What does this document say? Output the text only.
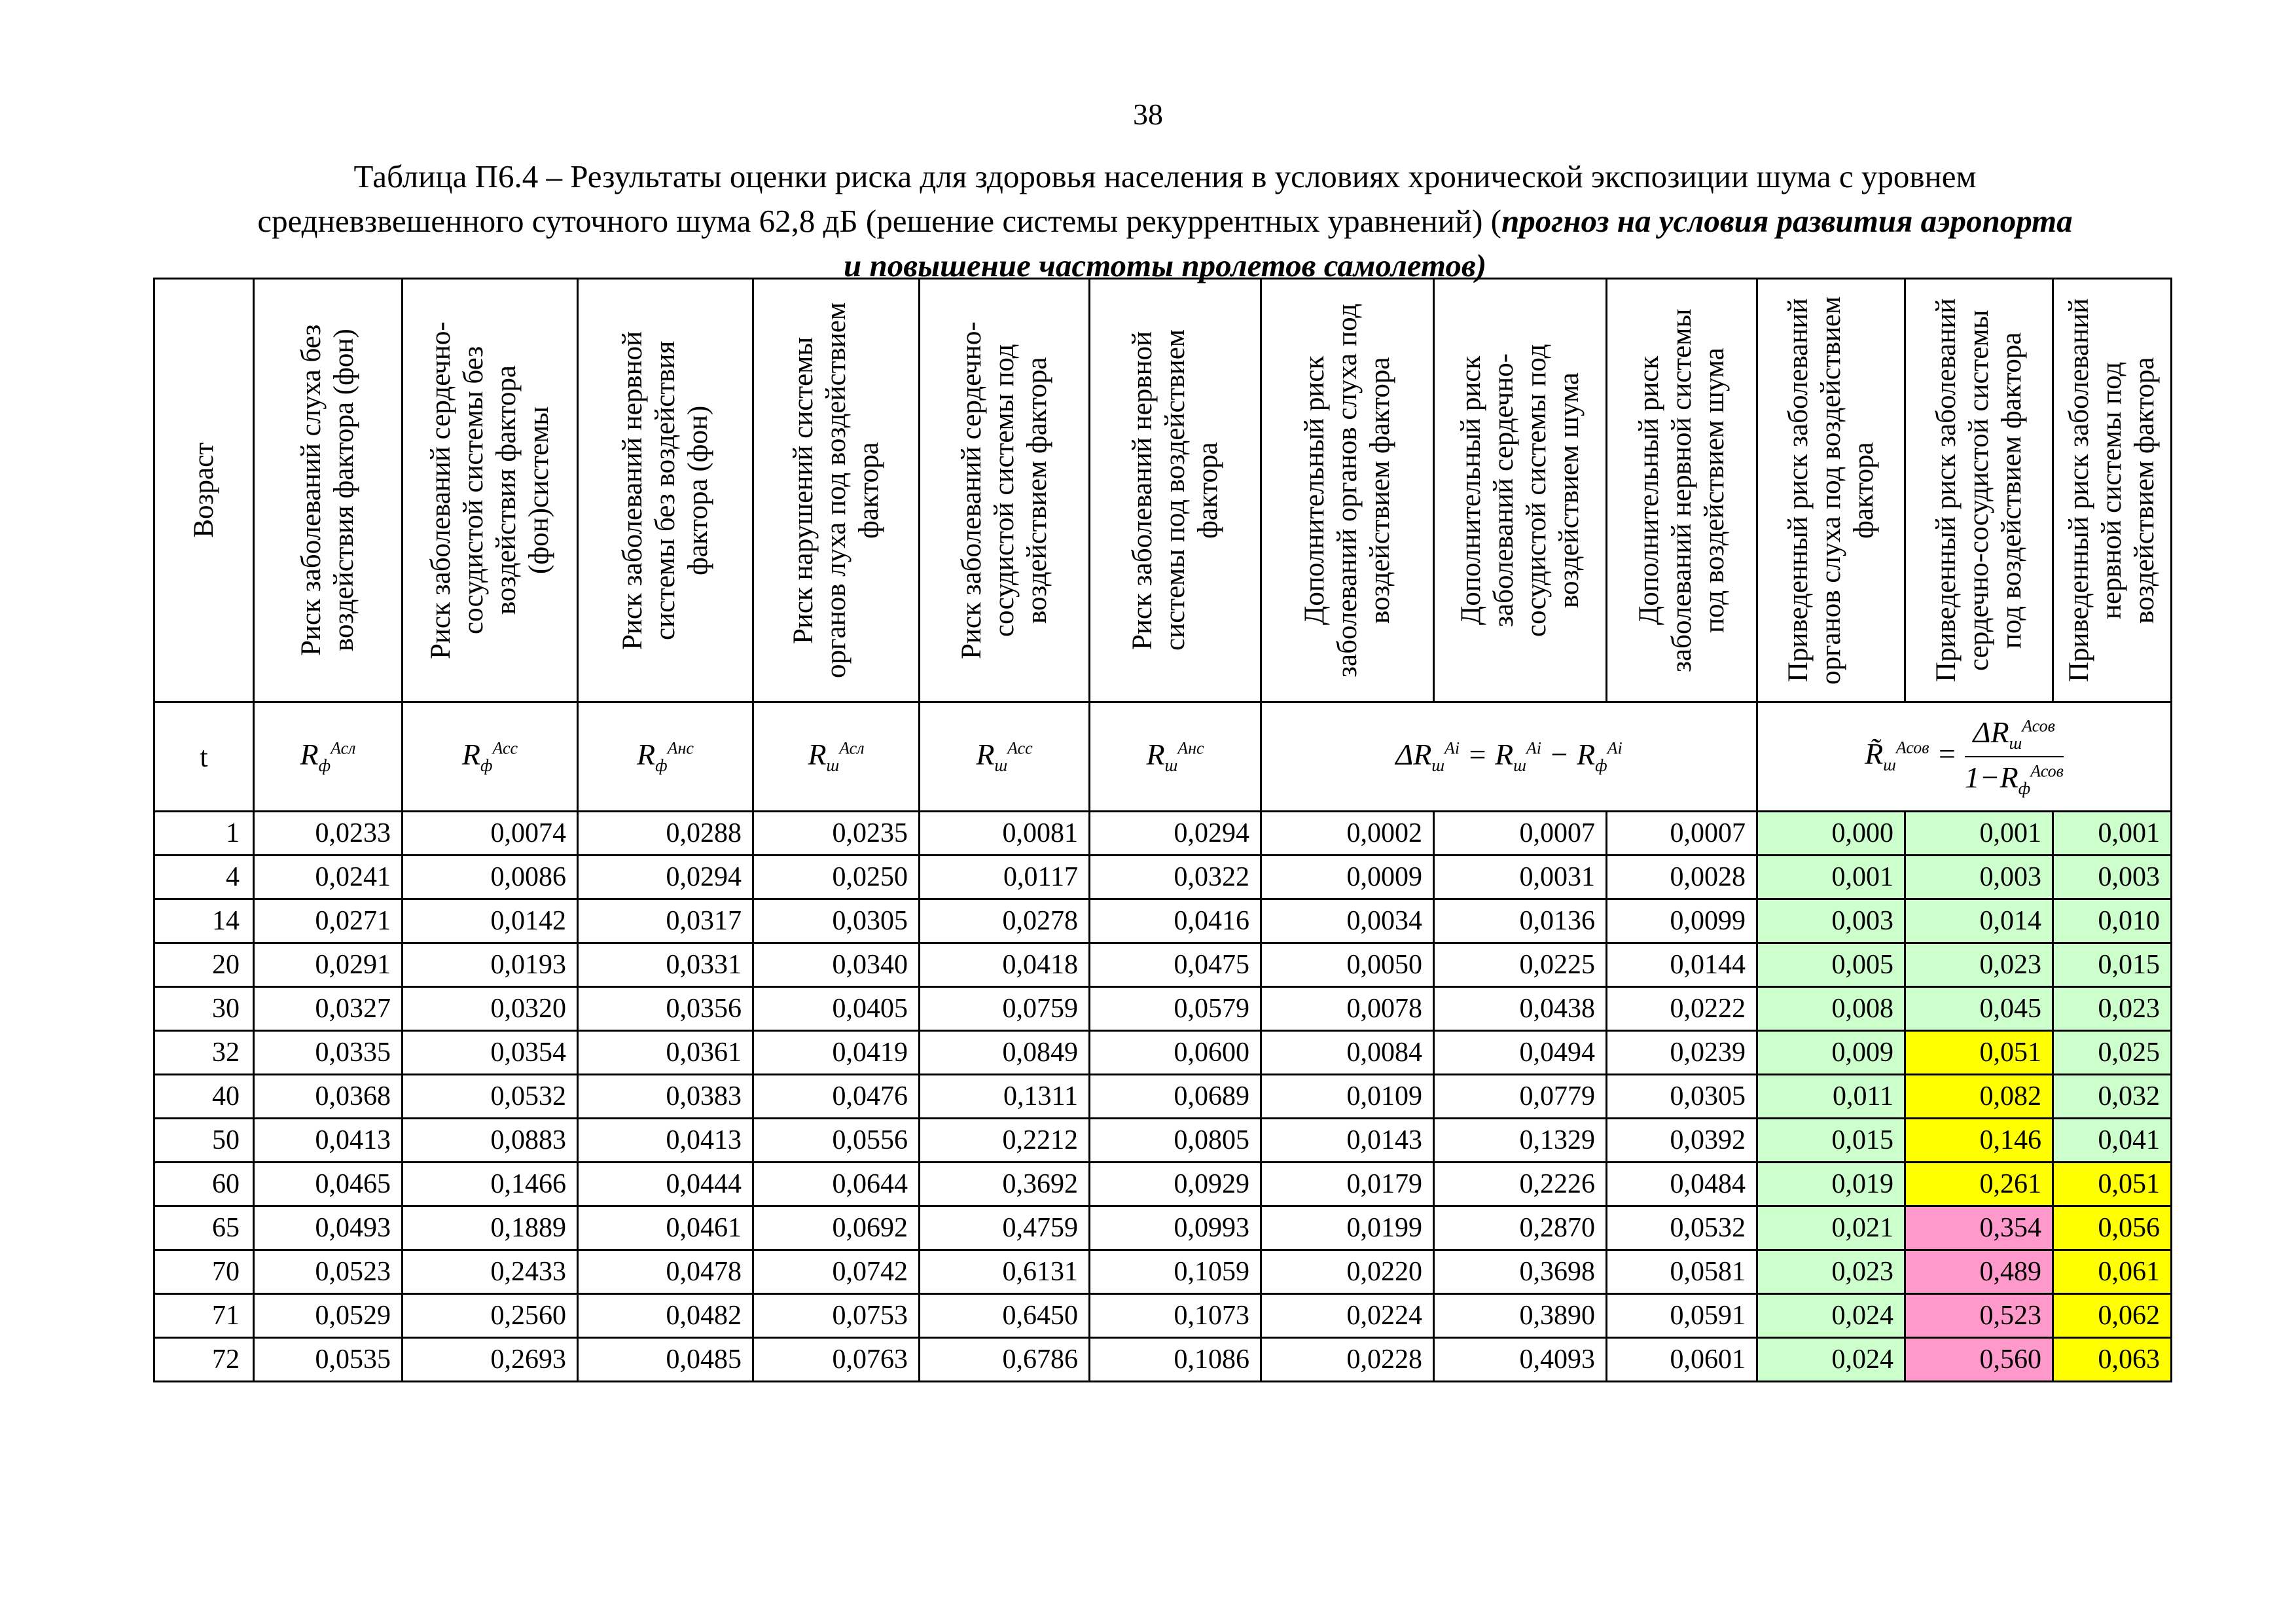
38
Таблица П6.4 – Результаты оценки риска для здоровья населения в условиях хронической экспозиции шума с уровнем
средневзвешенного суточного шума 62,8 дБ (решение системы рекуррентных уравнений) (прогноз на условия развития аэропорта
и повышение частоты пролетов самолетов)
Возраст	Риск заболеваний слуха без воздействия фактора (фон)	Риск заболеваний сердечно-сосудистой системы без воздействия фактора (фон)системы	Риск заболеваний нервной системы без воздействия фактора (фон)	Риск нарушений системы органов луха под воздействием фактора	Риск заболеваний сердечно-сосудистой системы под воздействием фактора	Риск заболеваний нервной системы под воздействием фактора	Дополнительный риск заболеваний органов слуха под воздействием фактора	Дополнительный риск заболеваний сердечно-сосудистой системы под воздействием шума	Дополнительный риск заболеваний нервной системы под воздействием шума	Приведенный риск заболеваний органов слуха под воздействием фактора	Приведенный риск заболеваний сердечно-сосудистой системы под воздействием фактора	Приведенный риск заболеваний нервной системы под воздействием фактора

t	$R_ф^{Асл}$	$R_ф^{Асс}$	$R_ф^{Анс}$	$R_ш^{Асл}$	$R_ш^{Асс}$	$R_ш^{Анс}$	$\Delta R_ш^{Ai} = R_ш^{Ai} - R_ф^{Ai}$			$R̃_ш^{Асов} = \frac{\Delta R_ш^{Асов}}{1-R_ф^{Асов}}$

1	0,0233	0,0074	0,0288	0,0235	0,0081	0,0294	0,0002	0,0007	0,0007	0,000	0,001	0,001
4	0,0241	0,0086	0,0294	0,0250	0,0117	0,0322	0,0009	0,0031	0,0028	0,001	0,003	0,003
14	0,0271	0,0142	0,0317	0,0305	0,0278	0,0416	0,0034	0,0136	0,0099	0,003	0,014	0,010
20	0,0291	0,0193	0,0331	0,0340	0,0418	0,0475	0,0050	0,0225	0,0144	0,005	0,023	0,015
30	0,0327	0,0320	0,0356	0,0405	0,0759	0,0579	0,0078	0,0438	0,0222	0,008	0,045	0,023
32	0,0335	0,0354	0,0361	0,0419	0,0849	0,0600	0,0084	0,0494	0,0239	0,009	0,051	0,025
40	0,0368	0,0532	0,0383	0,0476	0,1311	0,0689	0,0109	0,0779	0,0305	0,011	0,082	0,032
50	0,0413	0,0883	0,0413	0,0556	0,2212	0,0805	0,0143	0,1329	0,0392	0,015	0,146	0,041
60	0,0465	0,1466	0,0444	0,0644	0,3692	0,0929	0,0179	0,2226	0,0484	0,019	0,261	0,051
65	0,0493	0,1889	0,0461	0,0692	0,4759	0,0993	0,0199	0,2870	0,0532	0,021	0,354	0,056
70	0,0523	0,2433	0,0478	0,0742	0,6131	0,1059	0,0220	0,3698	0,0581	0,023	0,489	0,061
71	0,0529	0,2560	0,0482	0,0753	0,6450	0,1073	0,0224	0,3890	0,0591	0,024	0,523	0,062
72	0,0535	0,2693	0,0485	0,0763	0,6786	0,1086	0,0228	0,4093	0,0601	0,024	0,560	0,063
